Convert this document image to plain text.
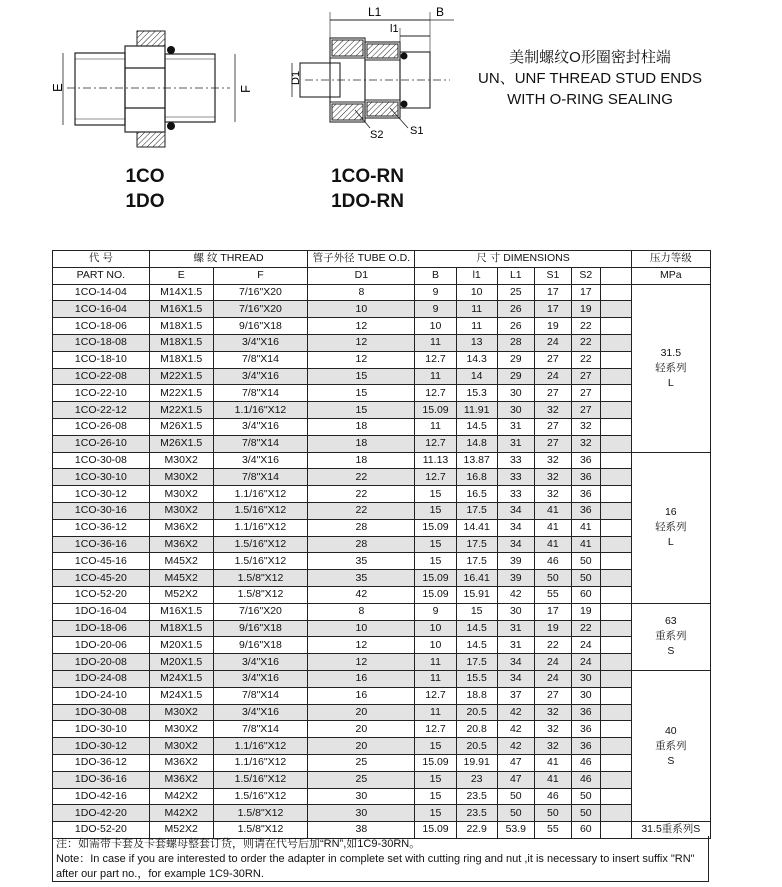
E	F
L1
l1
B
D1
S2 S1
美制螺纹O形圈密封柱端
UN、UNF THREAD STUD ENDS
WITH O-RING SEALING
1CO
1DO
1CO-RN
1DO-RN
代 号	螺 纹 THREAD		管子外径 TUBE O.D.	尺 寸 DIMENSIONS						压力等级
PART NO.	E	F	D1	B	l1	L1	S1	S2		MPa
1CO-14-04	M14X1.5	7/16"X20	8	9	10	25	17	17		31.5
轻系列
L

1CO-16-04	M16X1.5	7/16"X20	10	9	11	26	17	19		
1CO-18-06	M18X1.5	9/16"X18	12	10	11	26	19	22		
1CO-18-08	M18X1.5	3/4"X16	12	11	13	28	24	22		
1CO-18-10	M18X1.5	7/8"X14	12	12.7	14.3	29	27	22		
1CO-22-08	M22X1.5	3/4"X16	15	11	14	29	24	27		
1CO-22-10	M22X1.5	7/8"X14	15	12.7	15.3	30	27	27		
1CO-22-12	M22X1.5	1.1/16"X12	15	15.09	11.91	30	32	27		
1CO-26-08	M26X1.5	3/4"X16	18	11	14.5	31	27	32		
1CO-26-10	M26X1.5	7/8"X14	18	12.7	14.8	31	27	32		
1CO-30-08	M30X2	3/4"X16	18	11.13	13.87	33	32	36		16
轻系列
L

1CO-30-10	M30X2	7/8"X14	22	12.7	16.8	33	32	36		
1CO-30-12	M30X2	1.1/16"X12	22	15	16.5	33	32	36		
1CO-30-16	M30X2	1.5/16"X12	22	15	17.5	34	41	36		
1CO-36-12	M36X2	1.1/16"X12	28	15.09	14.41	34	41	41		
1CO-36-16	M36X2	1.5/16"X12	28	15	17.5	34	41	41		
1CO-45-16	M45X2	1.5/16"X12	35	15	17.5	39	46	50		
1CO-45-20	M45X2	1.5/8"X12	35	15.09	16.41	39	50	50		
1CO-52-20	M52X2	1.5/8"X12	42	15.09	15.91	42	55	60		
1DO-16-04	M16X1.5	7/16"X20	8	9	15	30	17	19		63
重系列
S

1DO-18-06	M18X1.5	9/16"X18	10	10	14.5	31	19	22		
1DO-20-06	M20X1.5	9/16"X18	12	10	14.5	31	22	24		
1DO-20-08	M20X1.5	3/4"X16	12	11	17.5	34	24	24		
1DO-24-08	M24X1.5	3/4"X16	16	11	15.5	34	24	30		40
重系列
S

1DO-24-10	M24X1.5	7/8"X14	16	12.7	18.8	37	27	30		
1DO-30-08	M30X2	3/4"X16	20	11	20.5	42	32	36		
1DO-30-10	M30X2	7/8"X14	20	12.7	20.8	42	32	36		
1DO-30-12	M30X2	1.1/16"X12	20	15	20.5	42	32	36		
1DO-36-12	M36X2	1.1/16"X12	25	15.09	19.91	47	41	46		
1DO-36-16	M36X2	1.5/16"X12	25	15	23	47	41	46		
1DO-42-16	M42X2	1.5/16"X12	30	15	23.5	50	46	50		
1DO-42-20	M42X2	1.5/8"X12	30	15	23.5	50	50	50		
1DO-52-20	M52X2	1.5/8"X12	38	15.09	22.9	53.9	55	60		31.5重系列S
注：如需带卡套及卡套螺母整套订货，则请在代号后加“RN”,如1C9-30RN。
Note：In case if you are interested to order the adapter in complete set with cutting ring and nut ,it is necessary to insert suffix "RN" after our part no.，for example 1C9-30RN.
